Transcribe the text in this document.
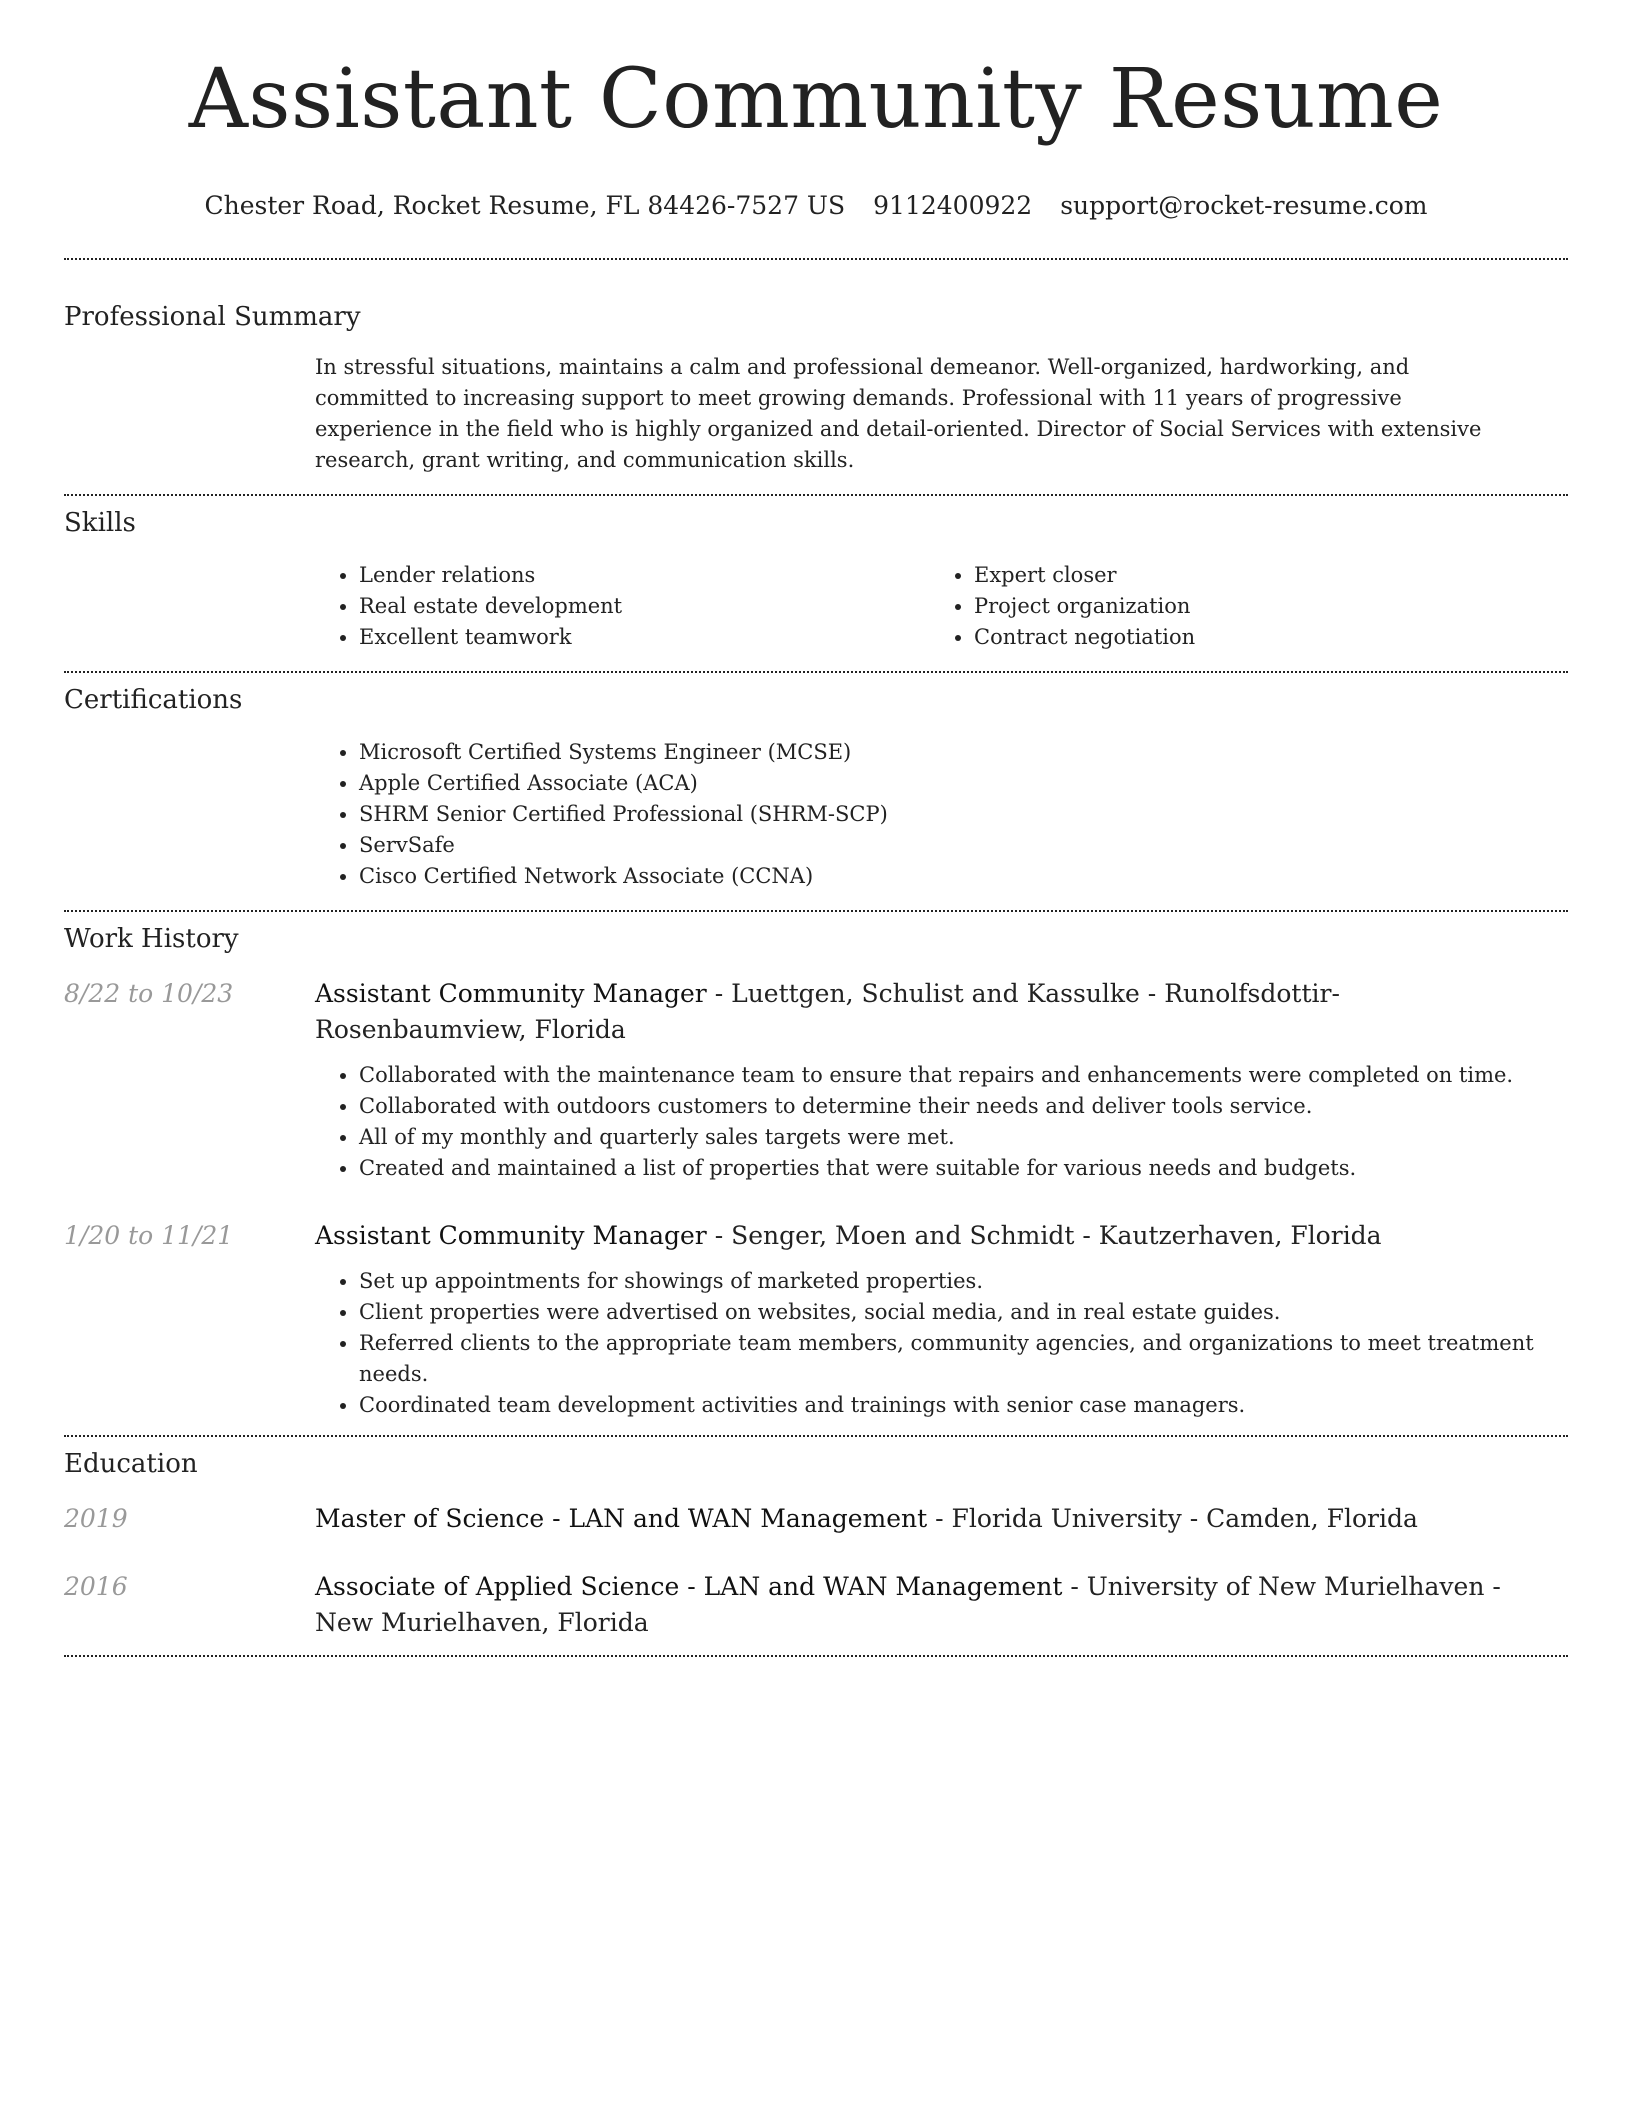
Assistant Community Resume
Chester Road, Rocket Resume, FL 84426-7527 US 9112400922 support@rocket-resume.com
Professional Summary
In stressful situations, maintains a calm and professional demeanor. Well-organized, hardworking, and committed to increasing support to meet growing demands. Professional with 11 years of progressive experience in the field who is highly organized and detail-oriented. Director of Social Services with extensive research, grant writing, and communication skills.
Skills
• Lender relations
• Real estate development
• Excellent teamwork
• Expert closer
• Project organization
• Contract negotiation
Certifications
• Microsoft Certified Systems Engineer (MCSE)
• Apple Certified Associate (ACA)
• SHRM Senior Certified Professional (SHRM-SCP)
• ServSafe
• Cisco Certified Network Associate (CCNA)
Work History
8/22 to 10/23	Assistant Community Manager - Luettgen, Schulist and Kassulke - Runolfsdottir-Rosenbaumview, Florida
• Collaborated with the maintenance team to ensure that repairs and enhancements were completed on time.
• Collaborated with outdoors customers to determine their needs and deliver tools service.
• All of my monthly and quarterly sales targets were met.
• Created and maintained a list of properties that were suitable for various needs and budgets.
1/20 to 11/21	Assistant Community Manager - Senger, Moen and Schmidt - Kautzerhaven, Florida
• Set up appointments for showings of marketed properties.
• Client properties were advertised on websites, social media, and in real estate guides.
• Referred clients to the appropriate team members, community agencies, and organizations to meet treatment needs.
• Coordinated team development activities and trainings with senior case managers.
Education
2019	Master of Science - LAN and WAN Management - Florida University - Camden, Florida
2016	Associate of Applied Science - LAN and WAN Management - University of New Murielhaven - New Murielhaven, Florida
